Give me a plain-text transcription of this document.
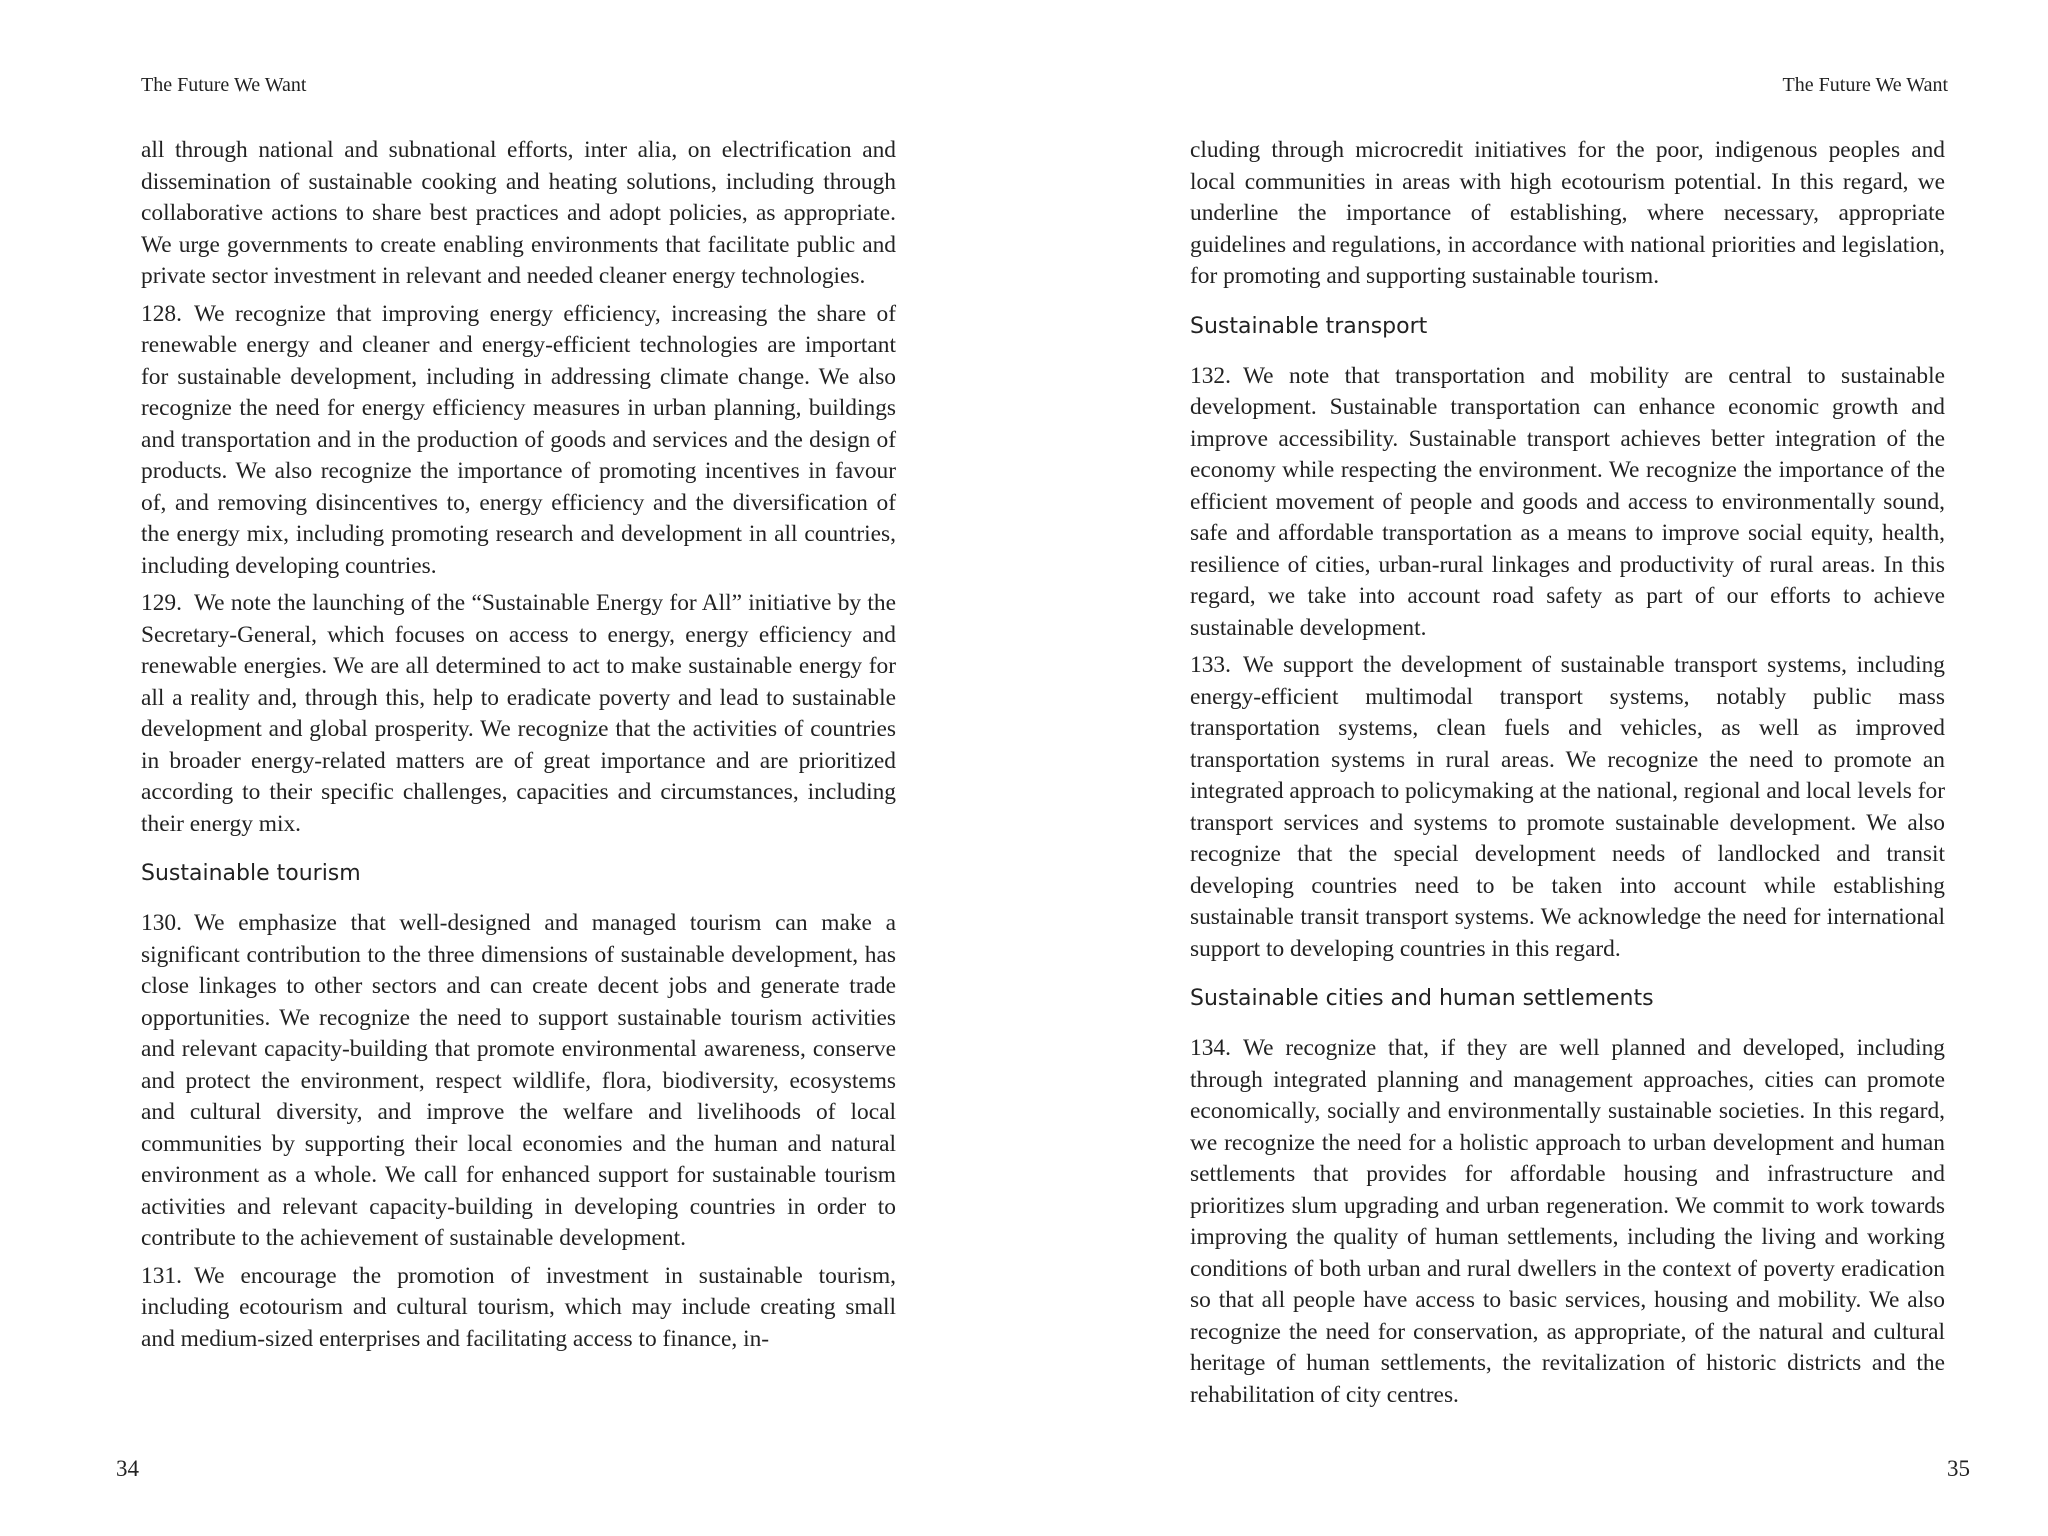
The Future We Want

all through national and subnational efforts, inter alia, on electrification and dissemination of sustainable cooking and heating solutions, including through collaborative actions to share best practices and adopt policies, as appropriate. We urge governments to create enabling environments that facilitate public and private sector investment in relevant and needed cleaner energy technologies.

128. We recognize that improving energy efficiency, increasing the share of renewable energy and cleaner and energy-efficient technologies are important for sustainable development, including in addressing climate change. We also recognize the need for energy efficiency measures in urban planning, buildings and transportation and in the production of goods and services and the design of products. We also recognize the importance of promoting incentives in favour of, and removing disincentives to, energy efficiency and the diversification of the energy mix, including promoting research and development in all countries, including developing countries.

129. We note the launching of the “Sustainable Energy for All” initiative by the Secretary-General, which focuses on access to energy, energy efficiency and renewable energies. We are all determined to act to make sustainable energy for all a reality and, through this, help to eradicate poverty and lead to sustainable development and global prosperity. We recognize that the activities of countries in broader energy-related matters are of great importance and are prioritized according to their specific challenges, capacities and circumstances, including their energy mix.

Sustainable tourism

130. We emphasize that well-designed and managed tourism can make a significant contribution to the three dimensions of sustainable development, has close linkages to other sectors and can create decent jobs and generate trade opportunities. We recognize the need to support sustainable tourism activities and relevant capacity-building that promote environmental awareness, conserve and protect the environment, respect wildlife, flora, biodiversity, ecosystems and cultural diversity, and improve the welfare and livelihoods of local communities by supporting their local economies and the human and natural environment as a whole. We call for enhanced support for sustainable tourism activities and relevant capacity-building in developing countries in order to contribute to the achievement of sustainable development.

131. We encourage the promotion of investment in sustainable tourism, including ecotourism and cultural tourism, which may include creating small and medium-sized enterprises and facilitating access to finance, in-

34
The Future We Want

cluding through microcredit initiatives for the poor, indigenous peoples and local communities in areas with high ecotourism potential. In this regard, we underline the importance of establishing, where necessary, appropriate guidelines and regulations, in accordance with national priorities and legislation, for promoting and supporting sustainable tourism.

Sustainable transport

132. We note that transportation and mobility are central to sustainable development. Sustainable transportation can enhance economic growth and improve accessibility. Sustainable transport achieves better integration of the economy while respecting the environment. We recognize the importance of the efficient movement of people and goods and access to environmentally sound, safe and affordable transportation as a means to improve social equity, health, resilience of cities, urban-rural linkages and productivity of rural areas. In this regard, we take into account road safety as part of our efforts to achieve sustainable development.

133. We support the development of sustainable transport systems, including energy-efficient multimodal transport systems, notably public mass transportation systems, clean fuels and vehicles, as well as improved transportation systems in rural areas. We recognize the need to promote an integrated approach to policymaking at the national, regional and local levels for transport services and systems to promote sustainable development. We also recognize that the special development needs of landlocked and transit developing countries need to be taken into account while establishing sustainable transit transport systems. We acknowledge the need for international support to developing countries in this regard.

Sustainable cities and human settlements

134. We recognize that, if they are well planned and developed, including through integrated planning and management approaches, cities can promote economically, socially and environmentally sustainable societies. In this regard, we recognize the need for a holistic approach to urban development and human settlements that provides for affordable housing and infrastructure and prioritizes slum upgrading and urban regeneration. We commit to work towards improving the quality of human settlements, including the living and working conditions of both urban and rural dwellers in the context of poverty eradication so that all people have access to basic services, housing and mobility. We also recognize the need for conservation, as appropriate, of the natural and cultural heritage of human settlements, the revitalization of historic districts and the rehabilitation of city centres.

35
